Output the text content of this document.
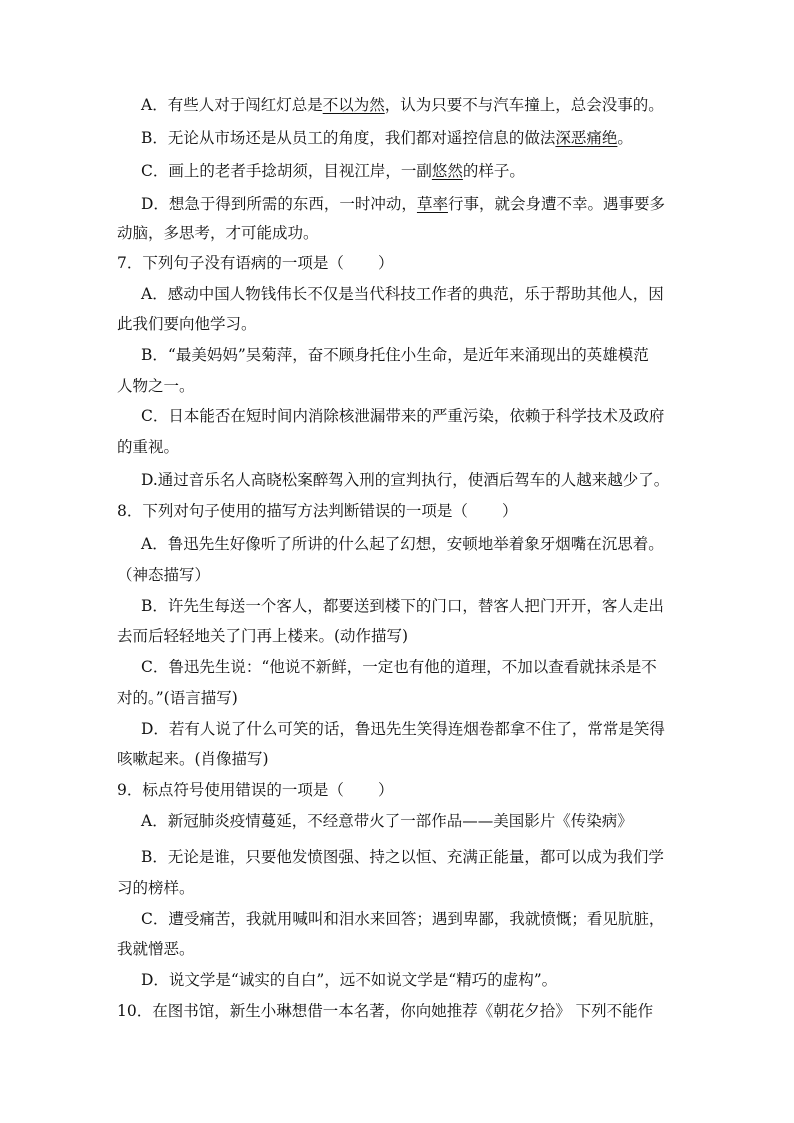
A．有些人对于闯红灯总是不以为然，认为只要不与汽车撞上，总会没事的。
B．无论从市场还是从员工的角度，我们都对遥控信息的做法深恶痛绝。
C．画上的老者手捻胡须，目视江岸，一副悠然的样子。
D．想急于得到所需的东西，一时冲动，草率行事，就会身遭不幸。遇事要多
动脑，多思考，才可能成功。
7．下列句子没有语病的一项是（ ）
A．感动中国人物钱伟长不仅是当代科技工作者的典范，乐于帮助其他人，因
此我们要向他学习。
B．“最美妈妈”吴菊萍，奋不顾身托住小生命，是近年来涌现出的英雄模范
人物之一。
C．日本能否在短时间内消除核泄漏带来的严重污染，依赖于科学技术及政府
的重视。
D.通过音乐名人高晓松案醉驾入刑的宣判执行，使酒后驾车的人越来越少了。
8．下列对句子使用的描写方法判断错误的一项是（ ）
A．鲁迅先生好像听了所讲的什么起了幻想，安顿地举着象牙烟嘴在沉思着。
（神态描写）
B．许先生每送一个客人，都要送到楼下的门口，替客人把门开开，客人走出
去而后轻轻地关了门再上楼来。(动作描写)
C．鲁迅先生说：“他说不新鲜，一定也有他的道理，不加以查看就抹杀是不
对的。”(语言描写)
D．若有人说了什么可笑的话，鲁迅先生笑得连烟卷都拿不住了，常常是笑得
咳嗽起来。(肖像描写)
9．标点符号使用错误的一项是（ ）
A．新冠肺炎疫情蔓延，不经意带火了一部作品——美国影片《传染病》
B．无论是谁，只要他发愤图强、持之以恒、充满正能量，都可以成为我们学
习的榜样。
C．遭受痛苦，我就用喊叫和泪水来回答；遇到卑鄙，我就愤慨；看见肮脏，
我就憎恶。
D．说文学是“诚实的自白”，远不如说文学是“精巧的虚构”。
10．在图书馆，新生小琳想借一本名著，你向她推荐《朝花夕拾》 下列不能作
